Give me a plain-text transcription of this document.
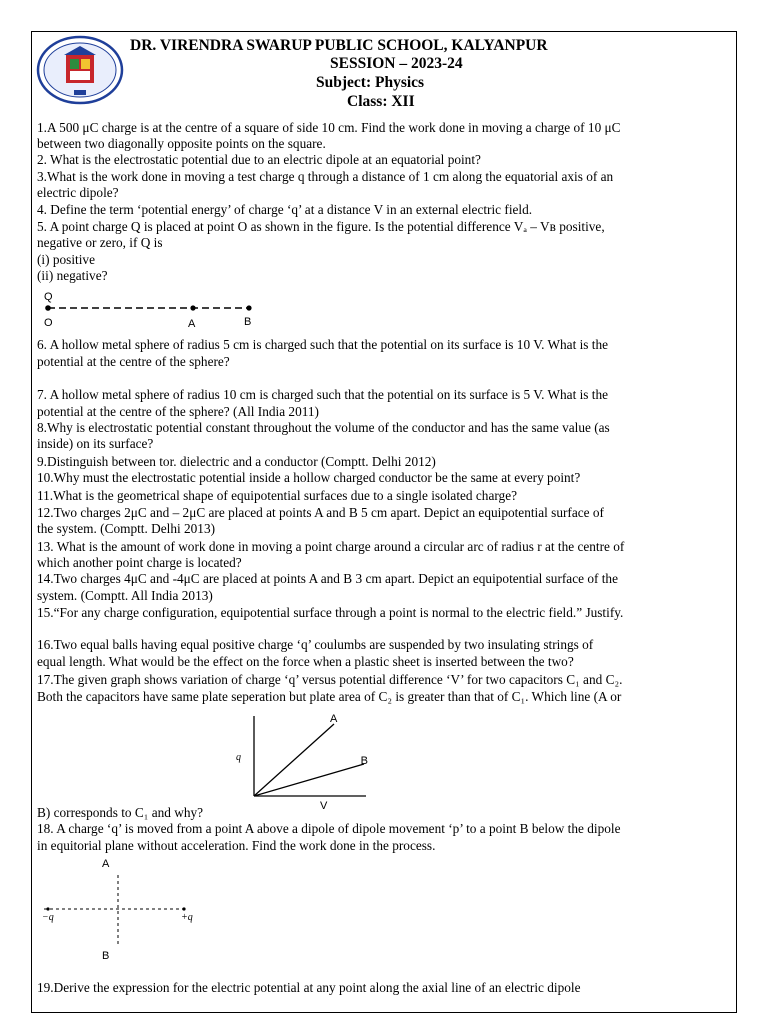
DR. VIRENDRA SWARUP PUBLIC SCHOOL, KALYANPUR
SESSION – 2023-24
Subject: Physics
Class: XII
1.A 500 μC charge is at the centre of a square of side 10 cm. Find the work done in moving a charge of 10 μC
between two diagonally opposite points on the square.
2. What is the electrostatic potential due to an electric dipole at an equatorial point?
3.What is the work done in moving a test charge q through a distance of 1 cm along the equatorial axis of an
electric dipole?
4. Define the term ‘potential energy’ of charge ‘q’ at a distance V in an external electric field.
5. A point charge Q is placed at point O as shown in the figure. Is the potential difference Vₐ – Vʙ positive,
negative or zero, if Q is
(i) positive
(ii) negative?
6. A hollow metal sphere of radius 5 cm is charged such that the potential on its surface is 10 V. What is the
potential at the centre of the sphere?
7. A hollow metal sphere of radius 10 cm is charged such that the potential on its surface is 5 V. What is the
potential at the centre of the sphere? (All India 2011)
8.Why is electrostatic potential constant throughout the volume of the conductor and has the same value (as
inside) on its surface?
9.Distinguish between tor. dielectric and a conductor (Comptt. Delhi 2012)
10.Why must the electrostatic potential inside a hollow charged conductor be the same at every point?
11.What is the geometrical shape of equipotential surfaces due to a single isolated charge?
12.Two charges 2μC and – 2μC are placed at points A and B 5 cm apart. Depict an equipotential surface of
the system. (Comptt. Delhi 2013)
13. What is the amount of work done in moving a point charge around a circular arc of radius r at the centre of
which another point charge is located?
14.Two charges 4μC and -4μC are placed at points A and B 3 cm apart. Depict an equipotential surface of the
system. (Comptt. All India 2013)
15.“For any charge configuration, equipotential surface through a point is normal to the electric field.” Justify.
16.Two equal balls having equal positive charge ‘q’ coulumbs are suspended by two insulating strings of
equal length. What would be the effect on the force when a plastic sheet is inserted between the two?
17.The given graph shows variation of charge ‘q’ versus potential difference ‘V’ for two capacitors C₁ and C₂.
Both the capacitors have same plate seperation but plate area of C₂ is greater than that of C₁. Which line (A or
B) corresponds to C₁ and why?
18. A charge ‘q’ is moved from a point A above a dipole of dipole movement ‘p’ to a point B below the dipole
in equitorial plane without acceleration. Find the work done in the process.
19.Derive the expression for the electric potential at any point along the axial line of an electric dipole
Q
O	A	B
q
V
A
B
A
B
−q	+q
